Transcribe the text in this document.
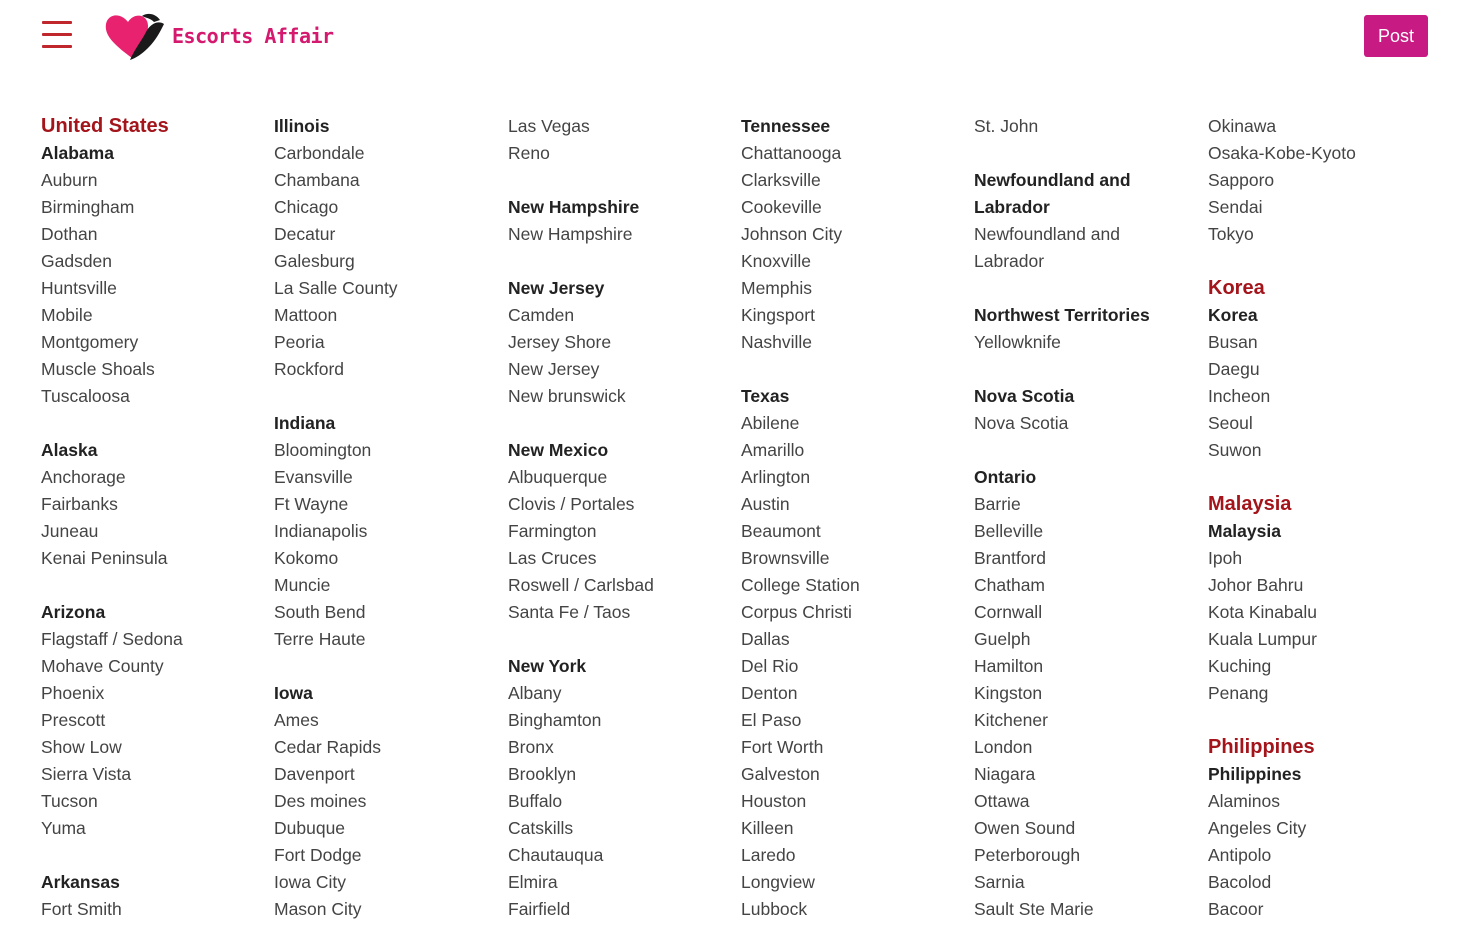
Escorts Affair	Post
United States
Alabama
Auburn
Birmingham
Dothan
Gadsden
Huntsville
Mobile
Montgomery
Muscle Shoals
Tuscaloosa
Alaska
Anchorage
Fairbanks
Juneau
Kenai Peninsula
Arizona
Flagstaff / Sedona
Mohave County
Phoenix
Prescott
Show Low
Sierra Vista
Tucson
Yuma
Arkansas
Fort Smith
Illinois
Carbondale
Chambana
Chicago
Decatur
Galesburg
La Salle County
Mattoon
Peoria
Rockford
Indiana
Bloomington
Evansville
Ft Wayne
Indianapolis
Kokomo
Muncie
South Bend
Terre Haute
Iowa
Ames
Cedar Rapids
Davenport
Des moines
Dubuque
Fort Dodge
Iowa City
Mason City
Las Vegas
Reno
New Hampshire
New Hampshire
New Jersey
Camden
Jersey Shore
New Jersey
New brunswick
New Mexico
Albuquerque
Clovis / Portales
Farmington
Las Cruces
Roswell / Carlsbad
Santa Fe / Taos
New York
Albany
Binghamton
Bronx
Brooklyn
Buffalo
Catskills
Chautauqua
Elmira
Fairfield
Tennessee
Chattanooga
Clarksville
Cookeville
Johnson City
Knoxville
Memphis
Kingsport
Nashville
Texas
Abilene
Amarillo
Arlington
Austin
Beaumont
Brownsville
College Station
Corpus Christi
Dallas
Del Rio
Denton
El Paso
Fort Worth
Galveston
Houston
Killeen
Laredo
Longview
Lubbock
St. John
Newfoundland and
Labrador
Newfoundland and
Labrador
Northwest Territories
Yellowknife
Nova Scotia
Nova Scotia
Ontario
Barrie
Belleville
Brantford
Chatham
Cornwall
Guelph
Hamilton
Kingston
Kitchener
London
Niagara
Ottawa
Owen Sound
Peterborough
Sarnia
Sault Ste Marie
Okinawa
Osaka-Kobe-Kyoto
Sapporo
Sendai
Tokyo
Korea
Korea
Busan
Daegu
Incheon
Seoul
Suwon
Malaysia
Malaysia
Ipoh
Johor Bahru
Kota Kinabalu
Kuala Lumpur
Kuching
Penang
Philippines
Philippines
Alaminos
Angeles City
Antipolo
Bacolod
Bacoor
